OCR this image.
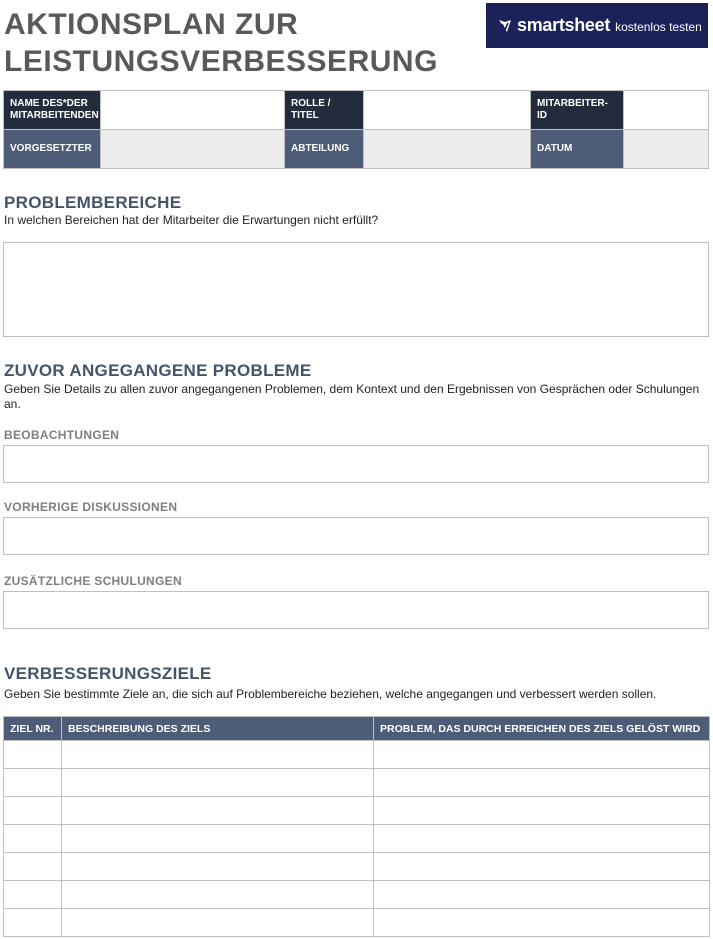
AKTIONSPLAN ZUR LEISTUNGSVERBESSERUNG
smartsheet kostenlos testen
NAME DES*DER MITARBEITENDEN		ROLLE / TITEL		MITARBEITER-ID	
VORGESETZTER		ABTEILUNG		DATUM	
PROBLEMBEREICHE
In welchen Bereichen hat der Mitarbeiter die Erwartungen nicht erfüllt?
ZUVOR ANGEGANGENE PROBLEME
Geben Sie Details zu allen zuvor angegangenen Problemen, dem Kontext und den Ergebnissen von Gesprächen oder Schulungen an.
BEOBACHTUNGEN
VORHERIGE DISKUSSIONEN
ZUSÄTZLICHE SCHULUNGEN
VERBESSERUNGSZIELE
Geben Sie bestimmte Ziele an, die sich auf Problembereiche beziehen, welche angegangen und verbessert werden sollen.
ZIEL NR.	BESCHREIBUNG DES ZIELS	PROBLEM, DAS DURCH ERREICHEN DES ZIELS GELÖST WIRD
